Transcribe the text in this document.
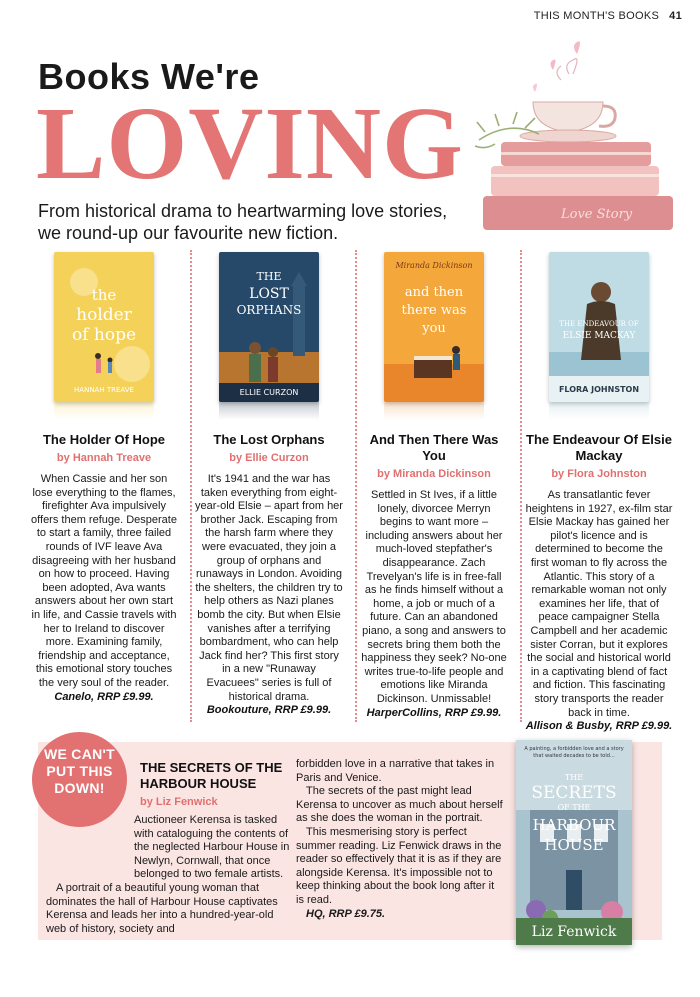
THIS MONTH'S BOOKS 41
Books We're
LOVING
From historical drama to heartwarming love stories, we round-up our favourite new fiction.
Love Story
the
holder
of hope
HANNAH TREAVE
The Holder Of Hope
by Hannah Treave
When Cassie and her son lose everything to the flames, firefighter Ava impulsively offers them refuge. Desperate to start a family, three failed rounds of IVF leave Ava disagreeing with her husband on how to proceed. Having been adopted, Ava wants answers about her own start in life, and Cassie travels with her to Ireland to discover more. Examining family, friendship and acceptance, this emotional story touches the very soul of the reader.
Canelo, RRP £9.99.
THE
LOST
ORPHANS
ELLIE CURZON
The Lost Orphans
by Ellie Curzon
It's 1941 and the war has taken everything from eight-year-old Elsie – apart from her brother Jack. Escaping from the harsh farm where they were evacuated, they join a group of orphans and runaways in London. Avoiding the shelters, the children try to help others as Nazi planes bomb the city. But when Elsie vanishes after a terrifying bombardment, who can help Jack find her? This first story in a new "Runaway Evacuees" series is full of historical drama.
Bookouture, RRP £9.99.
Miranda Dickinson
and then
there was
you
And Then There Was You
by Miranda Dickinson
Settled in St Ives, if a little lonely, divorcee Merryn begins to want more – including answers about her much-loved stepfather's disappearance. Zach Trevelyan's life is in free-fall as he finds himself without a home, a job or much of a future. Can an abandoned piano, a song and answers to secrets bring them both the happiness they seek? No-one writes true-to-life people and emotions like Miranda Dickinson. Unmissable!
HarperCollins, RRP £9.99.
THE ENDEAVOUR OF
ELSIE MACKAY
FLORA JOHNSTON
The Endeavour Of Elsie Mackay
by Flora Johnston
As transatlantic fever heightens in 1927, ex-film star Elsie Mackay has gained her pilot's licence and is determined to become the first woman to fly across the Atlantic. This story of a remarkable woman not only examines her life, that of peace campaigner Stella Campbell and her academic sister Corran, but it explores the social and historical world in a captivating blend of fact and fiction. This fascinating story transports the reader back in time.
Allison & Busby, RRP £9.99.
WE CAN'T PUT THIS DOWN!
THE SECRETS OF THE HARBOUR HOUSE
by Liz Fenwick

Auctioneer Kerensa is tasked with cataloguing the contents of the neglected Harbour House in Newlyn, Cornwall, that once belonged to two female artists.

A portrait of a beautiful young woman that dominates the hall of Harbour House captivates Kerensa and leads her into a hundred-year-old web of history, society and

forbidden love in a narrative that takes in Paris and Venice.

The secrets of the past might lead Kerensa to uncover as much about herself as she does the woman in the portrait.

This mesmerising story is perfect summer reading. Liz Fenwick draws in the reader so effectively that it is as if they are alongside Kerensa. It's impossible not to keep thinking about the book long after it is read.

HQ, RRP £9.75.

A painting, a forbidden love and a story
that waited decades to be told...
THE
SECRETS
OF THE
HARBOUR
HOUSE
Liz Fenwick
